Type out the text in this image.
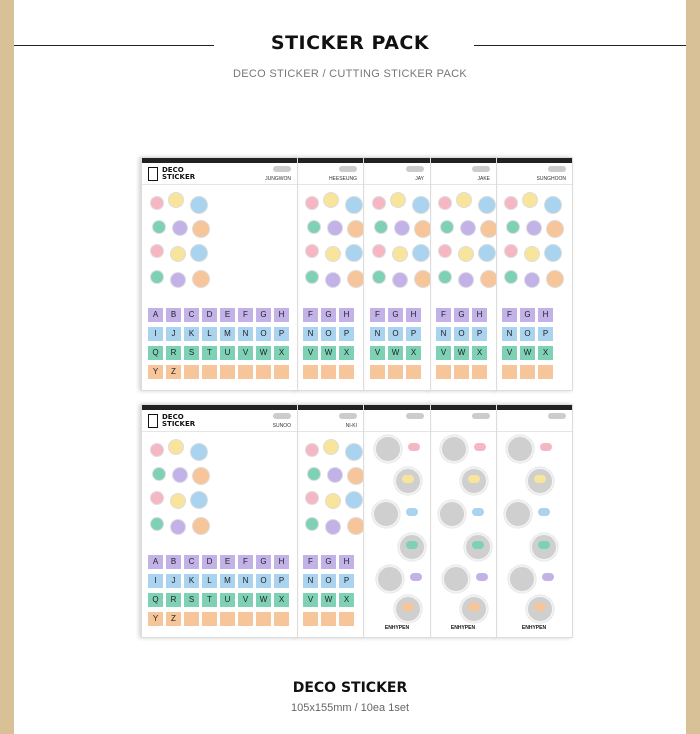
STICKER PACK
DECO STICKER / CUTTING STICKER PACK
DECO
STICKER	JUNGWON
A	B	C	D	E	F	G	H
I	J	K	L	M	N	O	P
Q	R	S	T	U	V	W	X
Y	Z
HEESEUNG
F	G	H
N	O	P
V	W	X
JAY
F	G	H
N	O	P
V	W	X
JAKE
F	G	H
N	O	P
V	W	X
SUNGHOON
F	G	H
N	O	P
V	W	X
DECO
STICKER	SUNOO
A	B	C	D	E	F	G	H
I	J	K	L	M	N	O	P
Q	R	S	T	U	V	W	X
Y	Z
NI-KI
F	G	H
N	O	P
V	W	X
ENHYPEN	ENHYPEN	ENHYPEN
DECO STICKER
105x155mm / 10ea 1set
